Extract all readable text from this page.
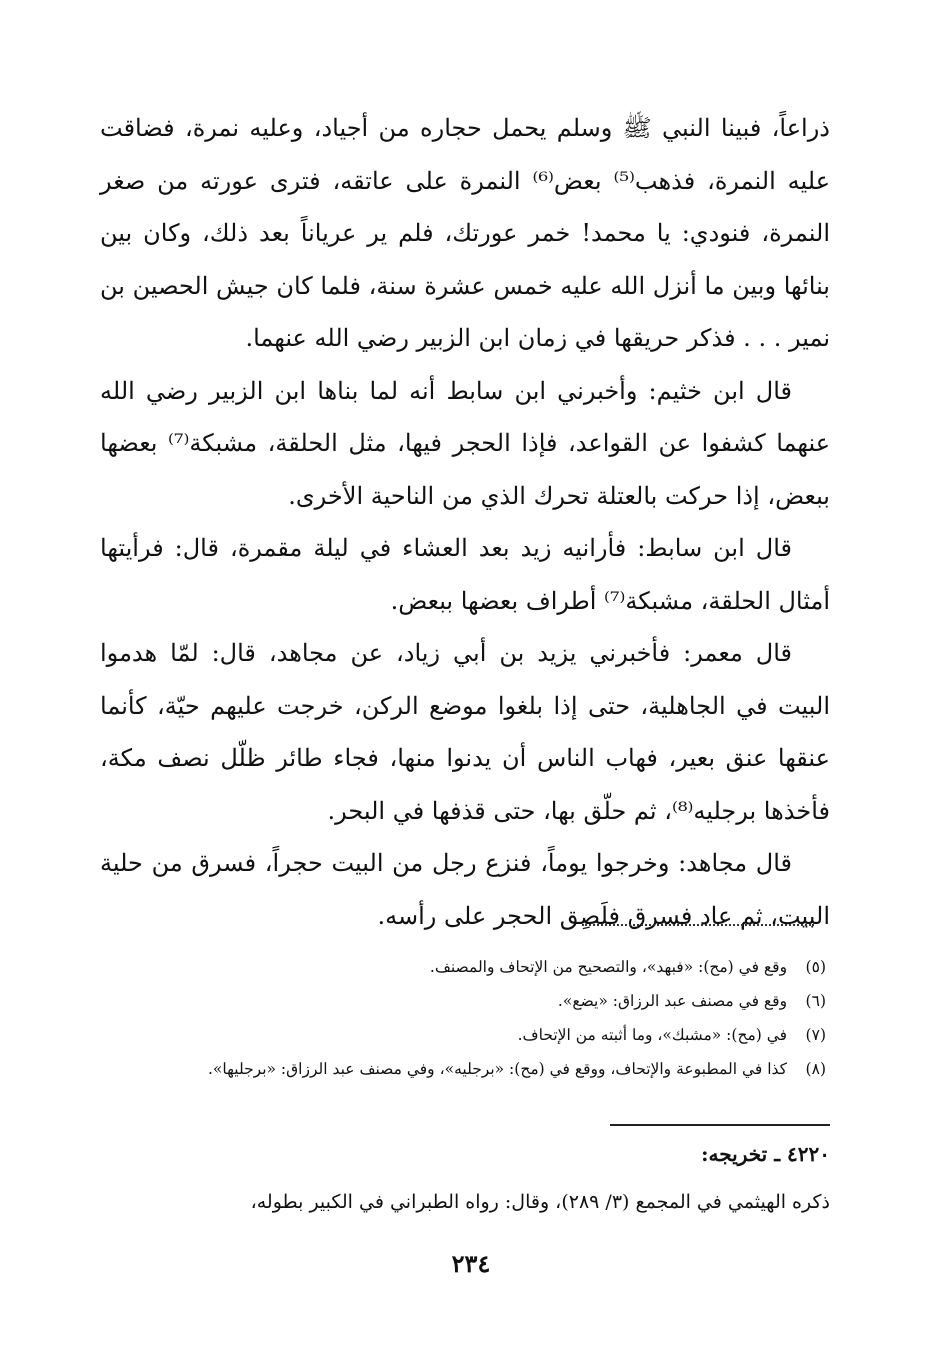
ذراعاً، فبينا النبي ﷺ وسلم يحمل حجاره من أجياد، وعليه نمرة، فضاقت عليه النمرة، فذهب⁽⁵⁾ بعض⁽⁶⁾ النمرة على عاتقه، فترى عورته من صغر النمرة، فنودي: يا محمد! خمر عورتك، فلم ير عرياناً بعد ذلك، وكان بين بنائها وبين ما أنزل الله عليه خمس عشرة سنة، فلما كان جيش الحصين بن نمير . . . فذكر حريقها في زمان ابن الزبير رضي الله عنهما.

قال ابن خثيم: وأخبرني ابن سابط أنه لما بناها ابن الزبير رضي الله عنهما كشفوا عن القواعد، فإذا الحجر فيها، مثل الحلقة، مشبكة⁽⁷⁾ بعضها ببعض، إذا حركت بالعتلة تحرك الذي من الناحية الأخرى.

قال ابن سابط: فأرانيه زيد بعد العشاء في ليلة مقمرة، قال: فرأيتها أمثال الحلقة، مشبكة⁽⁷⁾ أطراف بعضها ببعض.

قال معمر: فأخبرني يزيد بن أبي زياد، عن مجاهد، قال: لمّا هدموا البيت في الجاهلية، حتى إذا بلغوا موضع الركن، خرجت عليهم حيّة، كأنما عنقها عنق بعير، فهاب الناس أن يدنوا منها، فجاء طائر ظلّل نصف مكة، فأخذها برجليه⁽⁸⁾، ثم حلّق بها، حتى قذفها في البحر.

قال مجاهد: وخرجوا يوماً، فنزع رجل من البيت حجراً، فسرق من حلية البيت، ثم عاد فسرق فلَصِق الحجر على رأسه.

(٥) وقع في (مح): «فبهد»، والتصحيح من الإتحاف والمصنف.

(٦) وقع في مصنف عبد الرزاق: «يضع».

(٧) في (مح): «مشبك»، وما أثبته من الإتحاف.

(٨) كذا في المطبوعة والإتحاف، ووقع في (مح): «برجليه»، وفي مصنف عبد الرزاق: «برجليها».

٤٢٢٠ ـ تخريجه:

ذكره الهيثمي في المجمع (٣/ ٢٨٩)، وقال: رواه الطبراني في الكبير بطوله،

٢٣٤
